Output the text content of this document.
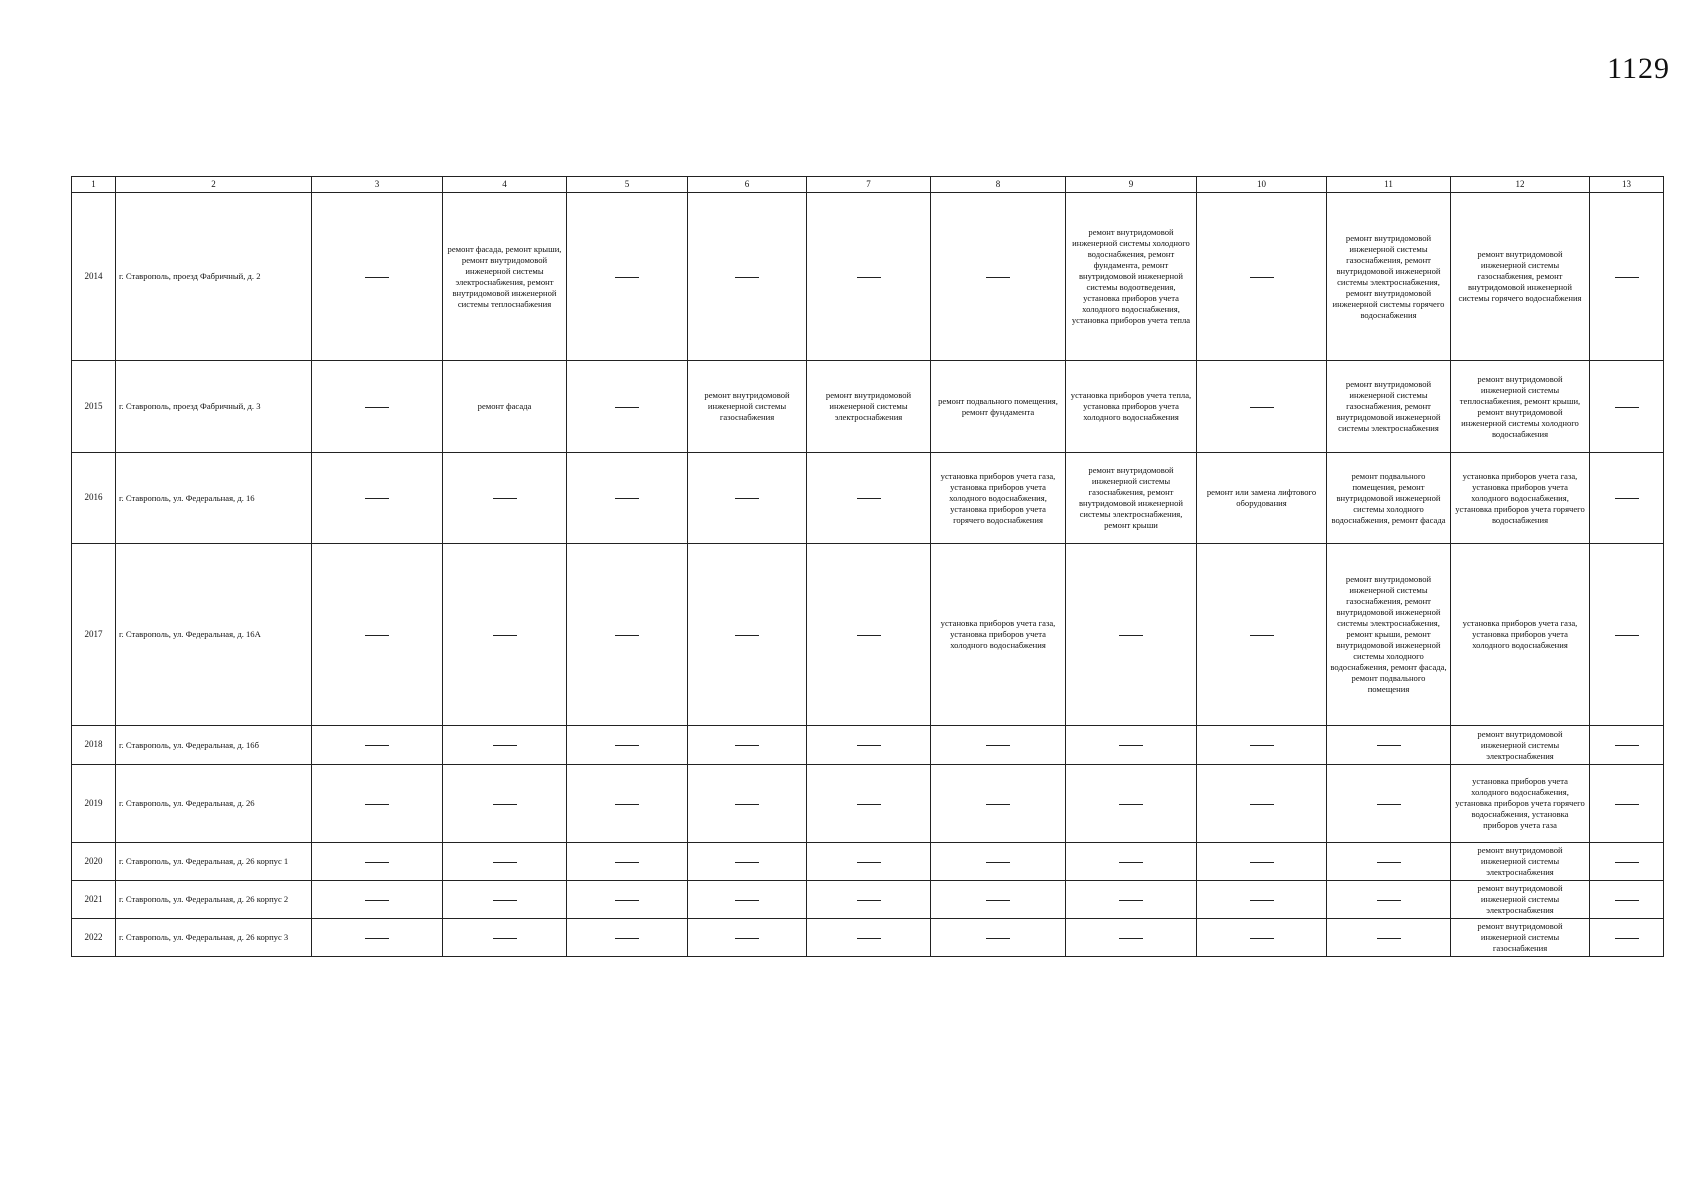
1129
1	2	3	4	5	6	7	8	9	10	11	12	13
2014	г. Ставрополь, проезд Фабричный, д. 2		ремонт фасада, ремонт крыши, ремонт внутридомовой инженерной системы электроснабжения, ремонт внутридомовой инженерной системы теплоснабжения					ремонт внутридомовой инженерной системы холодного водоснабжения, ремонт фундамента, ремонт внутридомовой инженерной системы водоотведения, установка приборов учета холодного водоснабжения, установка приборов учета тепла		ремонт внутридомовой инженерной системы газоснабжения, ремонт внутридомовой инженерной системы электроснабжения, ремонт внутридомовой инженерной системы горячего водоснабжения	ремонт внутридомовой инженерной системы газоснабжения, ремонт внутридомовой инженерной системы горячего водоснабжения	
2015	г. Ставрополь, проезд Фабричный, д. 3		ремонт фасада		ремонт внутридомовой инженерной системы газоснабжения	ремонт внутридомовой инженерной системы электроснабжения	ремонт подвального помещения, ремонт фундамента	установка приборов учета тепла, установка приборов учета холодного водоснабжения		ремонт внутридомовой инженерной системы газоснабжения, ремонт внутридомовой инженерной системы электроснабжения	ремонт внутридомовой инженерной системы теплоснабжения, ремонт крыши, ремонт внутридомовой инженерной системы холодного водоснабжения	
2016	г. Ставрополь, ул. Федеральная, д. 16						установка приборов учета газа, установка приборов учета холодного водоснабжения, установка приборов учета горячего водоснабжения	ремонт внутридомовой инженерной системы газоснабжения, ремонт внутридомовой инженерной системы электроснабжения, ремонт крыши	ремонт или замена лифтового оборудования	ремонт подвального помещения, ремонт внутридомовой инженерной системы холодного водоснабжения, ремонт фасада	установка приборов учета газа, установка приборов учета холодного водоснабжения, установка приборов учета горячего водоснабжения	
2017	г. Ставрополь, ул. Федеральная, д. 16А						установка приборов учета газа, установка приборов учета холодного водоснабжения			ремонт внутридомовой инженерной системы газоснабжения, ремонт внутридомовой инженерной системы электроснабжения, ремонт крыши, ремонт внутридомовой инженерной системы холодного водоснабжения, ремонт фасада, ремонт подвального помещения	установка приборов учета газа, установка приборов учета холодного водоснабжения	
2018	г. Ставрополь, ул. Федеральная, д. 16б										ремонт внутридомовой инженерной системы электроснабжения	
2019	г. Ставрополь, ул. Федеральная, д. 26										установка приборов учета холодного водоснабжения, установка приборов учета горячего водоснабжения, установка приборов учета газа	
2020	г. Ставрополь, ул. Федеральная, д. 26 корпус 1										ремонт внутридомовой инженерной системы электроснабжения	
2021	г. Ставрополь, ул. Федеральная, д. 26 корпус 2										ремонт внутридомовой инженерной системы электроснабжения	
2022	г. Ставрополь, ул. Федеральная, д. 26 корпус 3										ремонт внутридомовой инженерной системы газоснабжения	
